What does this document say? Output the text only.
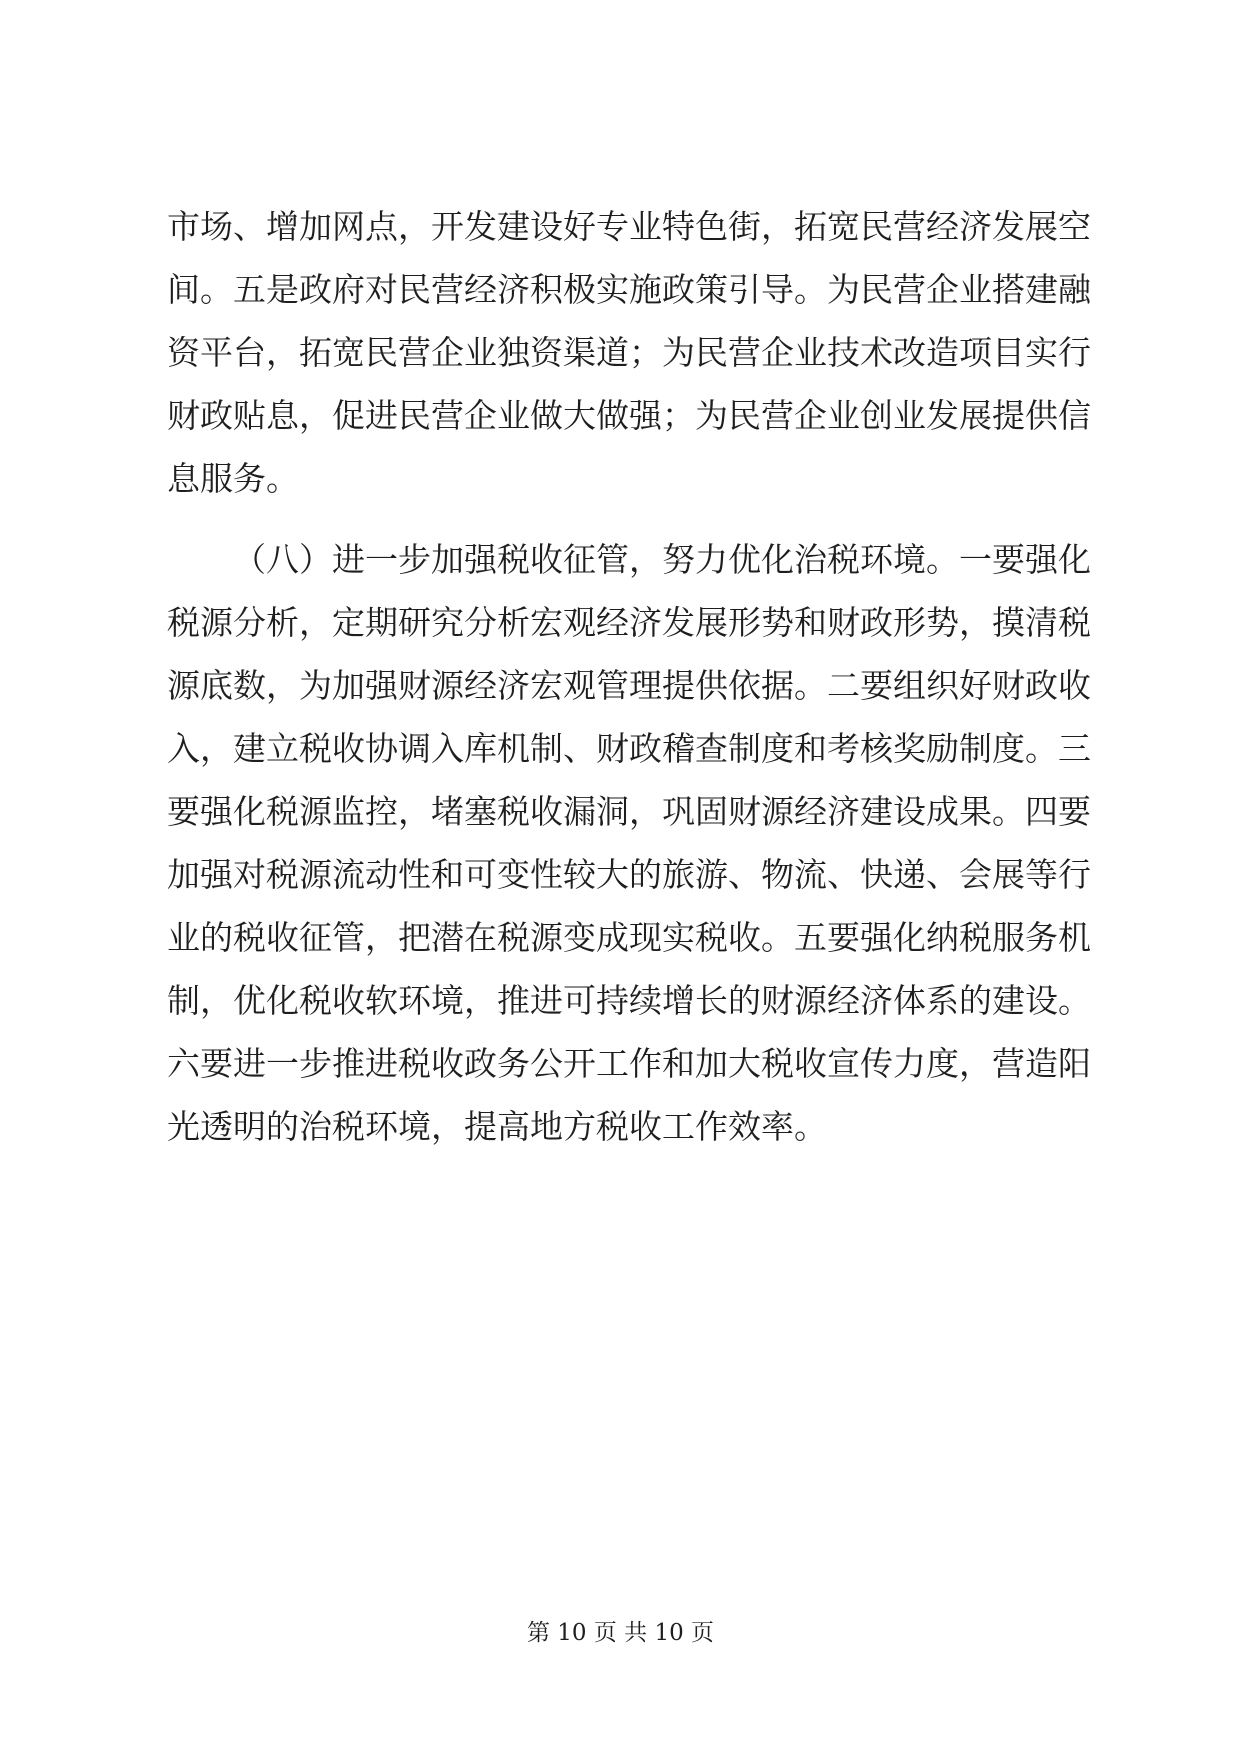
市场、增加网点，开发建设好专业特色街，拓宽民营经济发展空
间。五是政府对民营经济积极实施政策引导。为民营企业搭建融
资平台，拓宽民营企业独资渠道；为民营企业技术改造项目实行
财政贴息，促进民营企业做大做强；为民营企业创业发展提供信
息服务。
（八）进一步加强税收征管，努力优化治税环境。一要强化
税源分析，定期研究分析宏观经济发展形势和财政形势，摸清税
源底数，为加强财源经济宏观管理提供依据。二要组织好财政收
入，建立税收协调入库机制、财政稽查制度和考核奖励制度。三
要强化税源监控，堵塞税收漏洞，巩固财源经济建设成果。四要
加强对税源流动性和可变性较大的旅游、物流、快递、会展等行
业的税收征管，把潜在税源变成现实税收。五要强化纳税服务机
制，优化税收软环境，推进可持续增长的财源经济体系的建设。
六要进一步推进税收政务公开工作和加大税收宣传力度，营造阳
光透明的治税环境，提高地方税收工作效率。
第 10 页 共 10 页
